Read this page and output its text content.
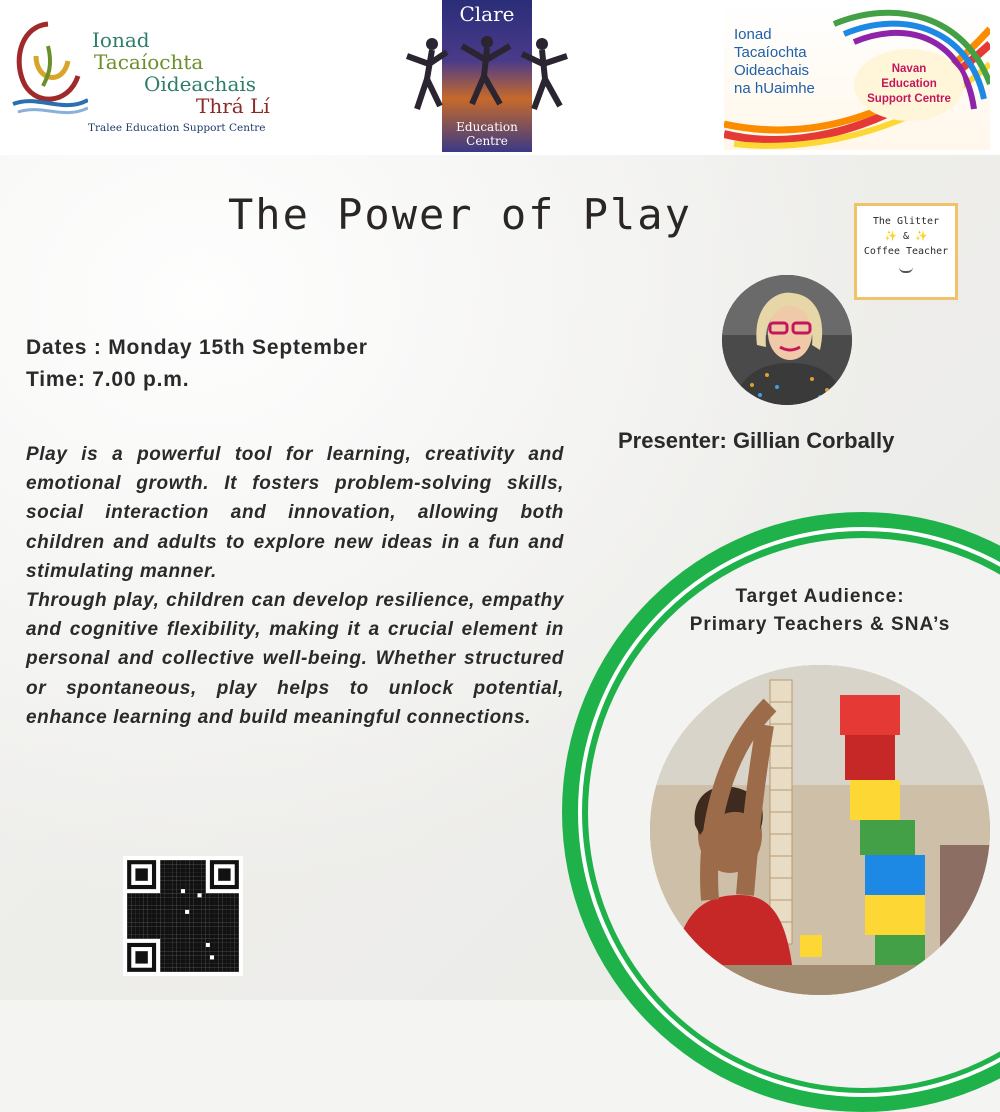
Ionad
Tacaíochta
Oideachais
Thrá Lí
Tralee Education Support Centre
Clare
Education
Centre
Ionad
Tacaíochta
Oideachais
na hUaimhe
Navan
Education
Support Centre
The Power of Play	The Glitter
✨ & ✨
Coffee Teacher
Dates : Monday 15th September
Time: 7.00 p.m.
Presenter: Gillian Corbally

Play is a powerful tool for learning, creativity and emotional growth. It fosters problem-solving skills, social interaction and innovation, allowing both children and adults to explore new ideas in a fun and stimulating manner.

Through play, children can develop resilience, empathy and cognitive flexibility, making it a crucial element in personal and collective well-being. Whether structured or spontaneous, play helps to unlock potential, enhance learning and build meaningful connections.

Target Audience:
Primary Teachers & SNA’s
